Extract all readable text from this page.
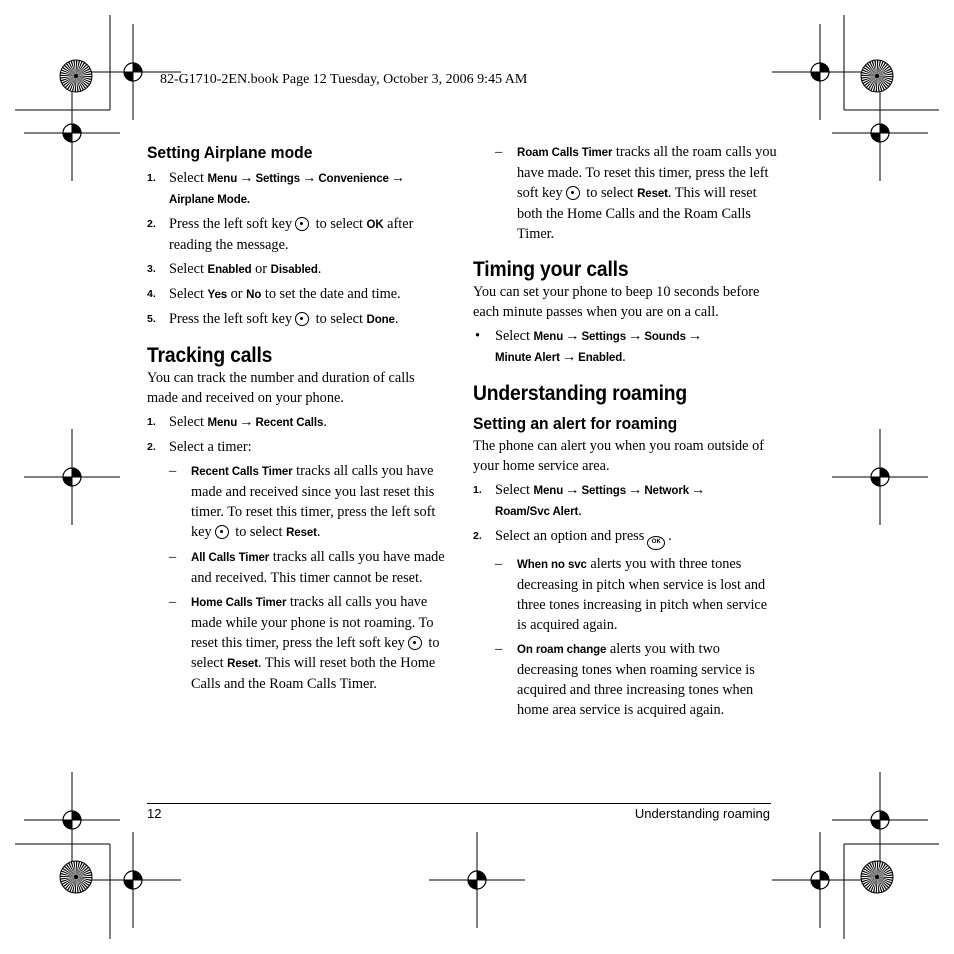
82-G1710-2EN.book Page 12 Tuesday, October 3, 2006 9:45 AM
Setting Airplane mode
1. Select Menu → Settings → Convenience →
Airplane Mode.
2. Press the left soft key to select OK after reading the message.
3. Select Enabled or Disabled.
4. Select Yes or No to set the date and time.
5. Press the left soft key to select Done.
Tracking calls

You can track the number and duration of calls made and received on your phone.

1. Select Menu → Recent Calls.
2. Select a timer:
– Recent Calls Timer tracks all calls you have made and received since you last reset this timer. To reset this timer, press the left soft key to select Reset.
– All Calls Timer tracks all calls you have made and received. This timer cannot be reset.
– Home Calls Timer tracks all calls you have made while your phone is not roaming. To reset this timer, press the left soft key to select Reset. This will reset both the Home Calls and the Roam Calls Timer.
– Roam Calls Timer tracks all the roam calls you have made. To reset this timer, press the left soft key to select Reset. This will reset both the Home Calls and the Roam Calls Timer.
Timing your calls

You can set your phone to beep 10 seconds before each minute passes when you are on a call.

• Select Menu → Settings → Sounds →
Minute Alert → Enabled.
Understanding roaming
Setting an alert for roaming

The phone can alert you when you roam outside of your home service area.

1. Select Menu → Settings → Network →
Roam/Svc Alert.
2. Select an option and press OK .
– When no svc alerts you with three tones decreasing in pitch when service is lost and three tones increasing in pitch when service is acquired again.
– On roam change alerts you with two decreasing tones when roaming service is acquired and three increasing tones when home area service is acquired again.
12	Understanding roaming
